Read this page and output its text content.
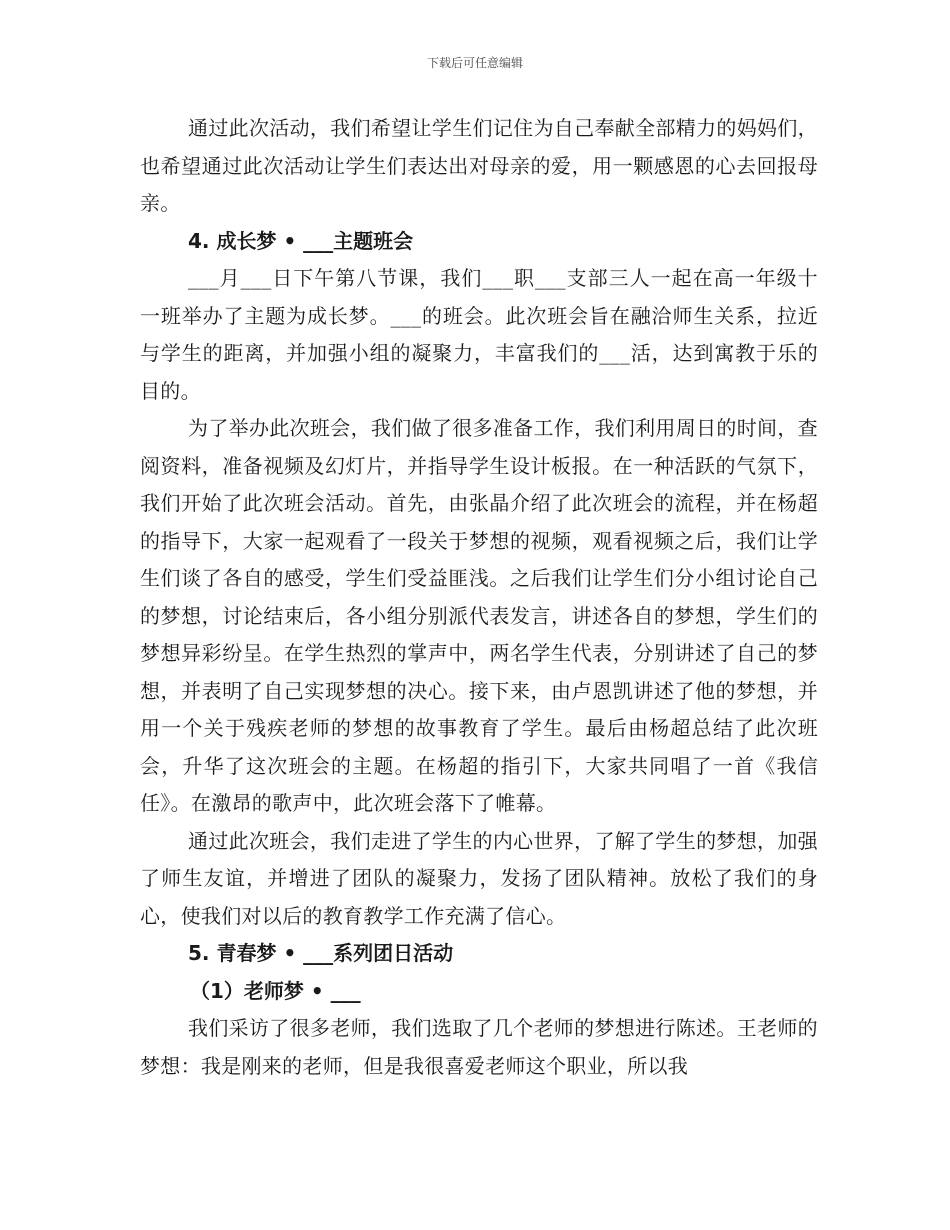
下载后可任意编辑

通过此次活动，我们希望让学生们记住为自己奉献全部精力的妈妈们，也希望通过此次活动让学生们表达出对母亲的爱，用一颗感恩的心去回报母亲。

4. 成长梦 • ___主题班会

___月___日下午第八节课，我们___职___支部三人一起在高一年级十一班举办了主题为成长梦。___的班会。此次班会旨在融洽师生关系，拉近与学生的距离，并加强小组的凝聚力，丰富我们的___活，达到寓教于乐的目的。

为了举办此次班会，我们做了很多准备工作，我们利用周日的时间，查阅资料，准备视频及幻灯片，并指导学生设计板报。在一种活跃的气氛下，我们开始了此次班会活动。首先，由张晶介绍了此次班会的流程，并在杨超的指导下，大家一起观看了一段关于梦想的视频，观看视频之后，我们让学生们谈了各自的感受，学生们受益匪浅。之后我们让学生们分小组讨论自己的梦想，讨论结束后，各小组分别派代表发言，讲述各自的梦想，学生们的梦想异彩纷呈。在学生热烈的掌声中，两名学生代表，分别讲述了自己的梦想，并表明了自己实现梦想的决心。接下来，由卢恩凯讲述了他的梦想，并用一个关于残疾老师的梦想的故事教育了学生。最后由杨超总结了此次班会，升华了这次班会的主题。在杨超的指引下，大家共同唱了一首《我信任》。在激昂的歌声中，此次班会落下了帷幕。

通过此次班会，我们走进了学生的内心世界，了解了学生的梦想，加强了师生友谊，并增进了团队的凝聚力，发扬了团队精神。放松了我们的身心，使我们对以后的教育教学工作充满了信心。

5. 青春梦 • ___系列团日活动
（1）老师梦 • ___

我们采访了很多老师，我们选取了几个老师的梦想进行陈述。王老师的梦想：我是刚来的老师，但是我很喜爱老师这个职业，所以我
